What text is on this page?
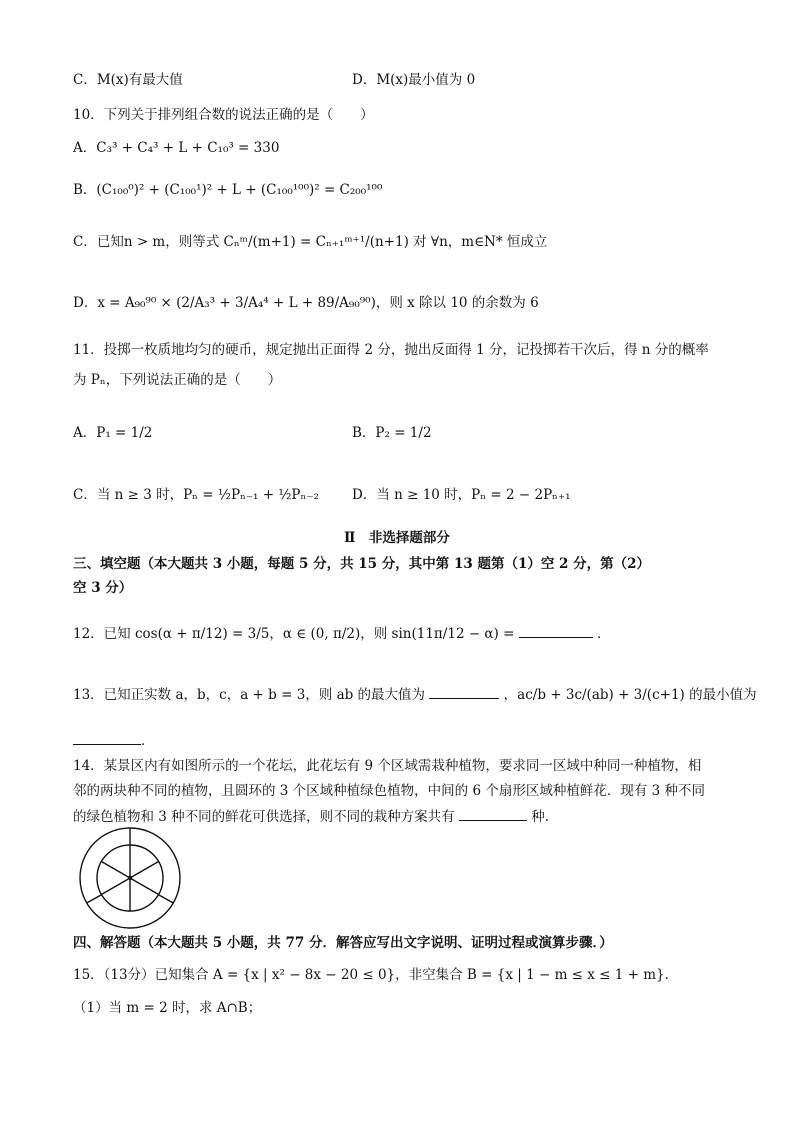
C．M(x)有最大值	D．M(x)最小值为 0
10．下列关于排列组合数的说法正确的是（　　）
A．C₃³ + C₄³ + L + C₁₀³ = 330
B．(C₁₀₀⁰)² + (C₁₀₀¹)² + L + (C₁₀₀¹⁰⁰)² = C₂₀₀¹⁰⁰
C．已知n > m，则等式 Cₙᵐ/(m+1) = Cₙ₊₁ᵐ⁺¹/(n+1) 对 ∀n，m∈N* 恒成立
D．x = A₉₀⁹⁰ × (2/A₃³ + 3/A₄⁴ + L + 89/A₉₀⁹⁰)，则 x 除以 10 的余数为 6
11．投掷一枚质地均匀的硬币，规定抛出正面得 2 分，抛出反面得 1 分，记投掷若干次后，得 n 分的概率
为 Pₙ，下列说法正确的是（　　）
A．P₁ = 1/2	B．P₂ = 1/2
C．当 n ≥ 3 时，Pₙ = ½Pₙ₋₁ + ½Pₙ₋₂ D．当 n ≥ 10 时，Pₙ = 2 − 2Pₙ₊₁
Ⅱ　非选择题部分
三、填空题（本大题共 3 小题，每题 5 分，共 15 分，其中第 13 题第（1）空 2 分，第（2）
空 3 分）
12．已知 cos(α + π/12) = 3/5，α ∈ (0, π/2)，则 sin(11π/12 − α) =	．
13．已知正实数 a，b，c，a + b = 3，则 ab 的最大值为	，ac/b + 3c/(ab) + 3/(c+1) 的最小值为
．
14．某景区内有如图所示的一个花坛，此花坛有 9 个区域需栽种植物，要求同一区域中种同一种植物，相
邻的两块种不同的植物，且圆环的 3 个区域种植绿色植物，中间的 6 个扇形区域种植鲜花．现有 3 种不同
的绿色植物和 3 种不同的鲜花可供选择，则不同的栽种方案共有	种．
四、解答题（本大题共 5 小题，共 77 分．解答应写出文字说明、证明过程或演算步骤．）
15．（13分）已知集合 A = {x | x² − 8x − 20 ≤ 0}，非空集合 B = {x | 1 − m ≤ x ≤ 1 + m}．
（1）当 m = 2 时，求 A∩B；
